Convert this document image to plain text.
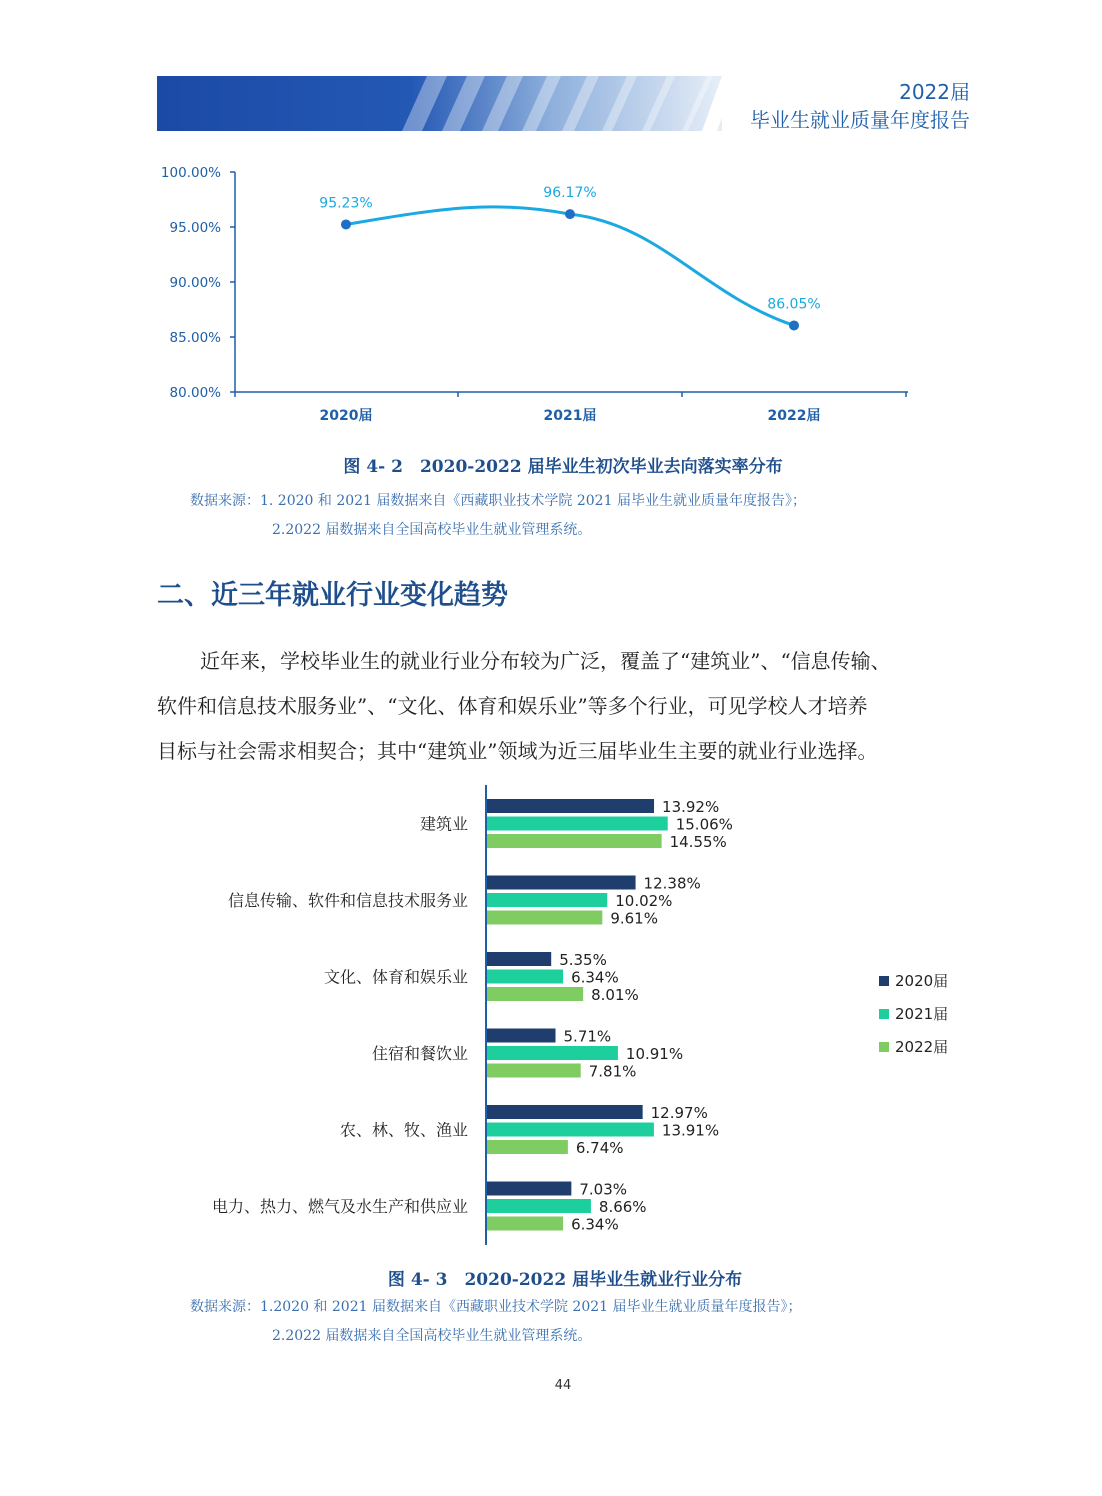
2022届
毕业生就业质量年度报告
80.00%
85.00%
90.00%
95.00%
100.00%
2020届	2021届	2022届
95.23%
96.17%
86.05%
图 4- 2　2020-2022 届毕业生初次毕业去向落实率分布
数据来源：1. 2020 和 2021 届数据来自《西藏职业技术学院 2021 届毕业生就业质量年度报告》；
2.2022 届数据来自全国高校毕业生就业管理系统。
二、近三年就业行业变化趋势
近年来，学校毕业生的就业行业分布较为广泛，覆盖了“建筑业”、“信息传输、
软件和信息技术服务业”、“文化、体育和娱乐业”等多个行业，可见学校人才培养
目标与社会需求相契合；其中“建筑业”领域为近三届毕业生主要的就业行业选择。
建筑业
信息传输、软件和信息技术服务业
文化、体育和娱乐业
住宿和餐饮业
农、林、牧、渔业
电力、热力、燃气及水生产和供应业
13.92%
15.06%
14.55%
12.38%
10.02%
9.61%
5.35%
6.34%
8.01%
5.71%
10.91%
7.81%
12.97%
13.91%
6.74%
7.03%
8.66%
6.34%
2020届
2021届
2022届
图 4- 3　2020-2022 届毕业生就业行业分布
数据来源：1.2020 和 2021 届数据来自《西藏职业技术学院 2021 届毕业生就业质量年度报告》；
2.2022 届数据来自全国高校毕业生就业管理系统。
44
